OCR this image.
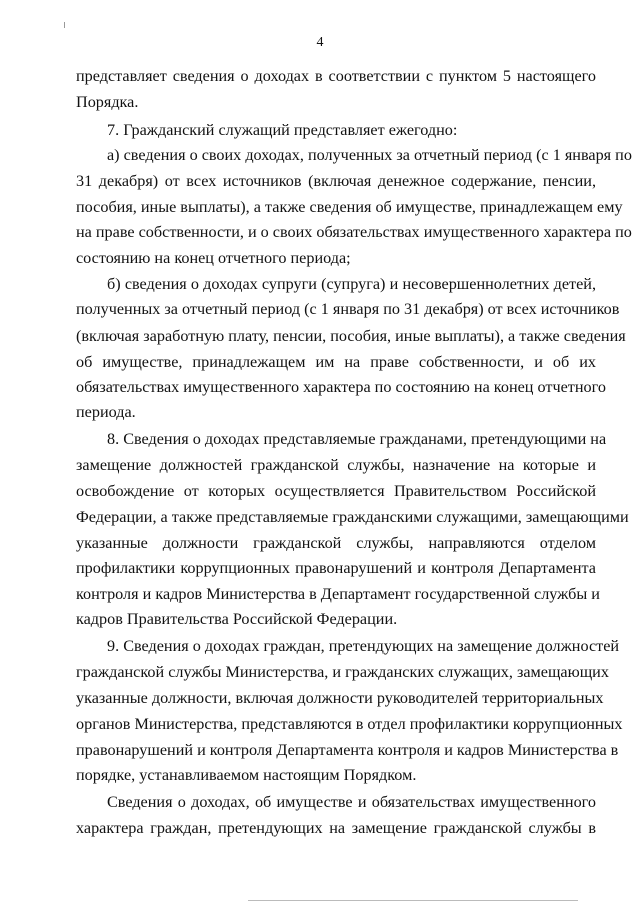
4
представляет сведения о доходах в соответствии с пунктом 5 настоящего
Порядка.
7. Гражданский служащий представляет ежегодно:
а) сведения о своих доходах, полученных за отчетный период (с 1 января по
31 декабря) от всех источников (включая денежное содержание, пенсии,
пособия, иные выплаты), а также сведения об имуществе, принадлежащем ему
на праве собственности, и о своих обязательствах имущественного характера по
состоянию на конец отчетного периода;
б) сведения о доходах супруги (супруга) и несовершеннолетних детей,
полученных за отчетный период (с 1 января по 31 декабря) от всех источников
(включая заработную плату, пенсии, пособия, иные выплаты), а также сведения
об имуществе, принадлежащем им на праве собственности, и об их
обязательствах имущественного характера по состоянию на конец отчетного
периода.
8. Сведения о доходах представляемые гражданами, претендующими на
замещение должностей гражданской службы, назначение на которые и
освобождение от которых осуществляется Правительством Российской
Федерации, а также представляемые гражданскими служащими, замещающими
указанные должности гражданской службы, направляются отделом
профилактики коррупционных правонарушений и контроля Департамента
контроля и кадров Министерства в Департамент государственной службы и
кадров Правительства Российской Федерации.
9. Сведения о доходах граждан, претендующих на замещение должностей
гражданской службы Министерства, и гражданских служащих, замещающих
указанные должности, включая должности руководителей территориальных
органов Министерства, представляются в отдел профилактики коррупционных
правонарушений и контроля Департамента контроля и кадров Министерства в
порядке, устанавливаемом настоящим Порядком.
Сведения о доходах, об имуществе и обязательствах имущественного
характера граждан, претендующих на замещение гражданской службы в
